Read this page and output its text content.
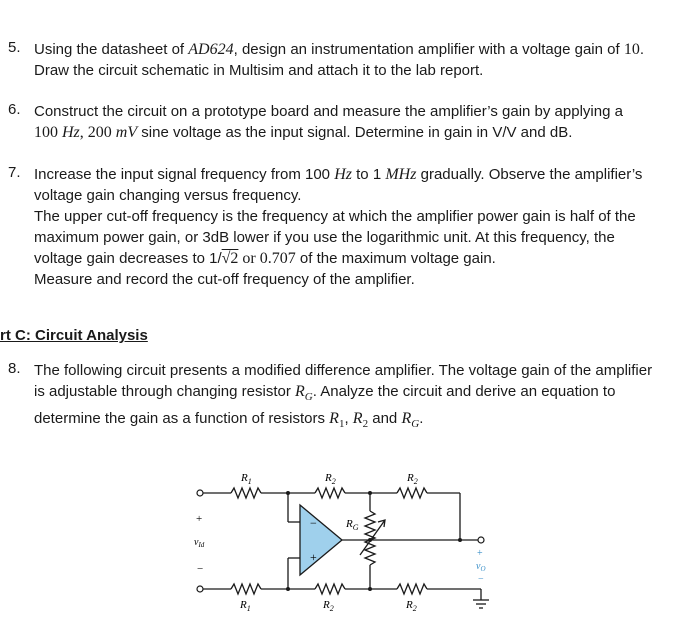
5. Using the datasheet of AD624, design an instrumentation amplifier with a voltage gain of 10.
Draw the circuit schematic in Multisim and attach it to the lab report.
6. Construct the circuit on a prototype board and measure the amplifier’s gain by applying a
100 Hz, 200 mV sine voltage as the input signal. Determine in gain in V/V and dB.
7. Increase the input signal frequency from 100 Hz to 1 MHz gradually. Observe the amplifier’s
voltage gain changing versus frequency.
The upper cut-off frequency is the frequency at which the amplifier power gain is half of the
maximum power gain, or 3dB lower if you use the logarithmic unit. At this frequency, the
voltage gain decreases to 1/√2 or 0.707 of the maximum voltage gain.
Measure and record the cut-off frequency of the amplifier.
rt C: Circuit Analysis
8. The following circuit presents a modified difference amplifier. The voltage gain of the amplifier
is adjustable through changing resistor $R_G$. Analyze the circuit and derive an equation to
determine the gain as a function of resistors $R_1$, $R_2$ and $R_G$.
−
+
$R_1$	$R_2$	$R_2$
$R_G$
$R_1$	$R_2$	$R_2$
+
$v_{Id}$
−
+
$v_O$
−
